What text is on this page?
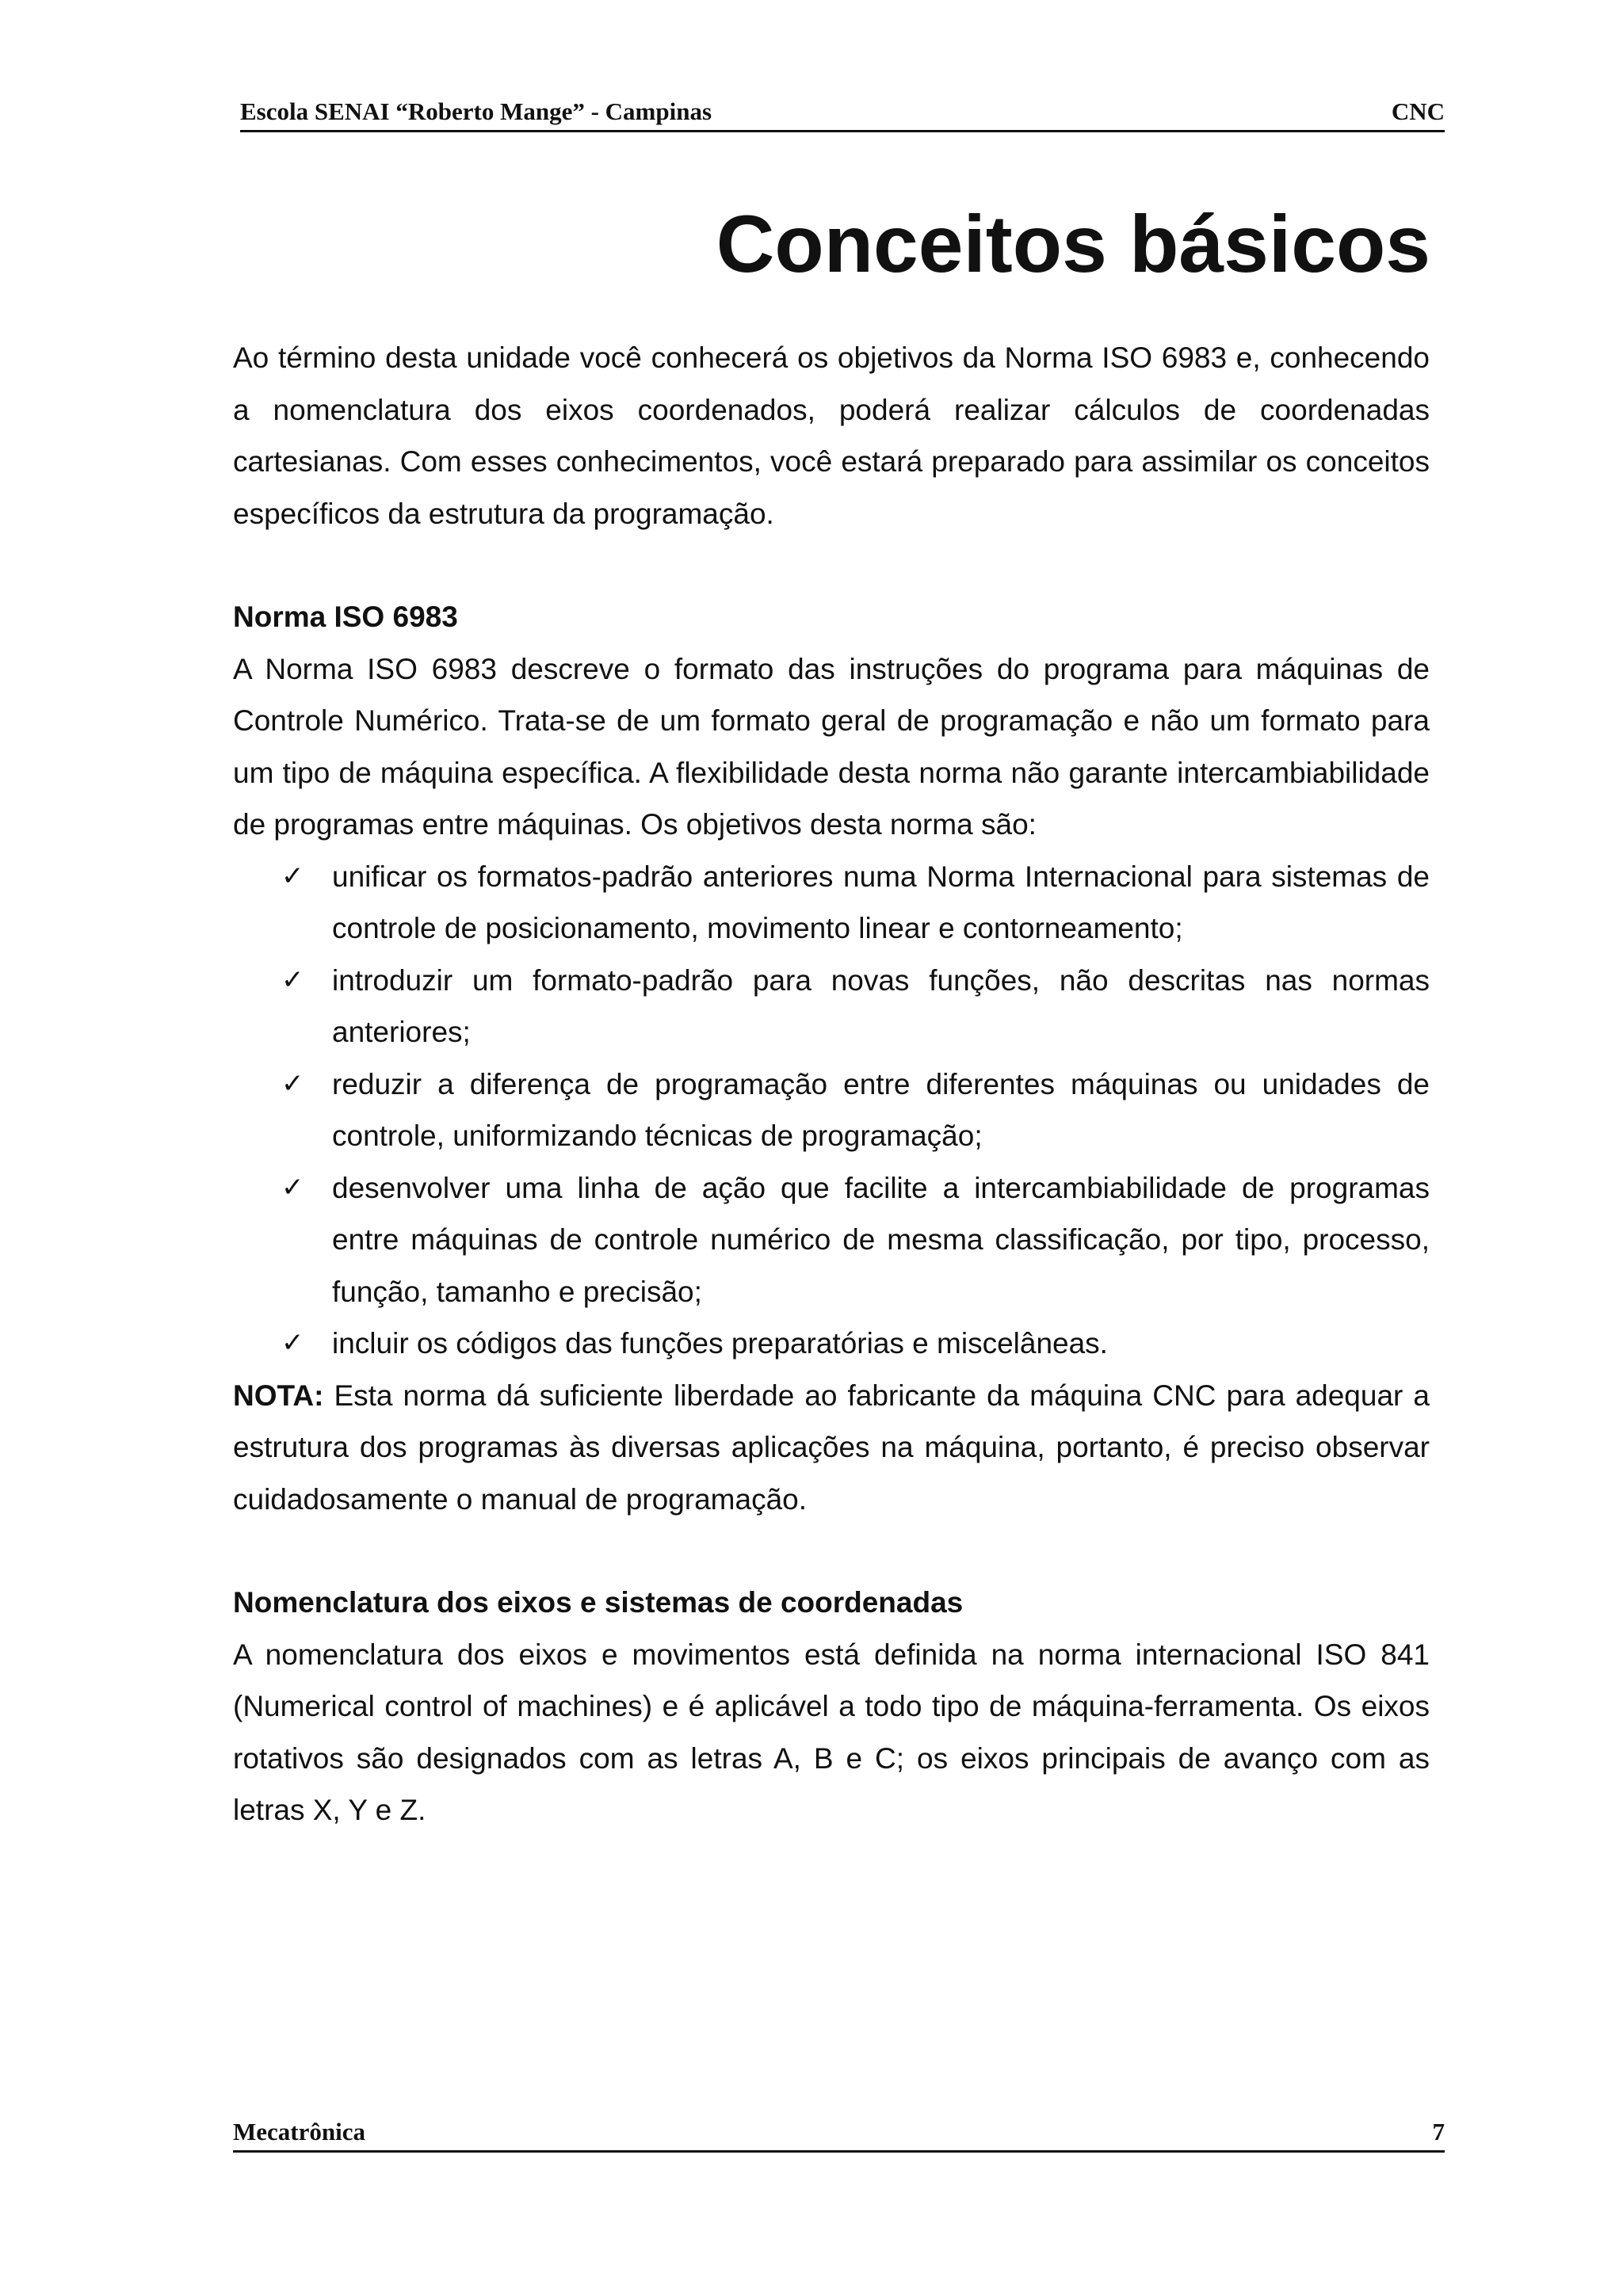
Escola SENAI “Roberto Mange” - Campinas	CNC
Conceitos básicos

Ao término desta unidade você conhecerá os objetivos da Norma ISO 6983 e, conhecendo a nomenclatura dos eixos coordenados, poderá realizar cálculos de coordenadas cartesianas. Com esses conhecimentos, você estará preparado para assimilar os conceitos específicos da estrutura da programação.

Norma ISO 6983

A Norma ISO 6983 descreve o formato das instruções do programa para máquinas de Controle Numérico. Trata-se de um formato geral de programação e não um formato para um tipo de máquina específica. A flexibilidade desta norma não garante intercambiabilidade de programas entre máquinas. Os objetivos desta norma são:

✓ unificar os formatos-padrão anteriores numa Norma Internacional para sistemas de controle de posicionamento, movimento linear e contorneamento;
✓ introduzir um formato-padrão para novas funções, não descritas nas normas anteriores;
✓ reduzir a diferença de programação entre diferentes máquinas ou unidades de controle, uniformizando técnicas de programação;
✓ desenvolver uma linha de ação que facilite a intercambiabilidade de programas entre máquinas de controle numérico de mesma classificação, por tipo, processo, função, tamanho e precisão;
✓ incluir os códigos das funções preparatórias e miscelâneas.

NOTA: Esta norma dá suficiente liberdade ao fabricante da máquina CNC para adequar a estrutura dos programas às diversas aplicações na máquina, portanto, é preciso observar cuidadosamente o manual de programação.

Nomenclatura dos eixos e sistemas de coordenadas

A nomenclatura dos eixos e movimentos está definida na norma internacional ISO 841 (Numerical control of machines) e é aplicável a todo tipo de máquina-ferramenta. Os eixos rotativos são designados com as letras A, B e C; os eixos principais de avanço com as letras X, Y e Z.

Mecatrônica	7
